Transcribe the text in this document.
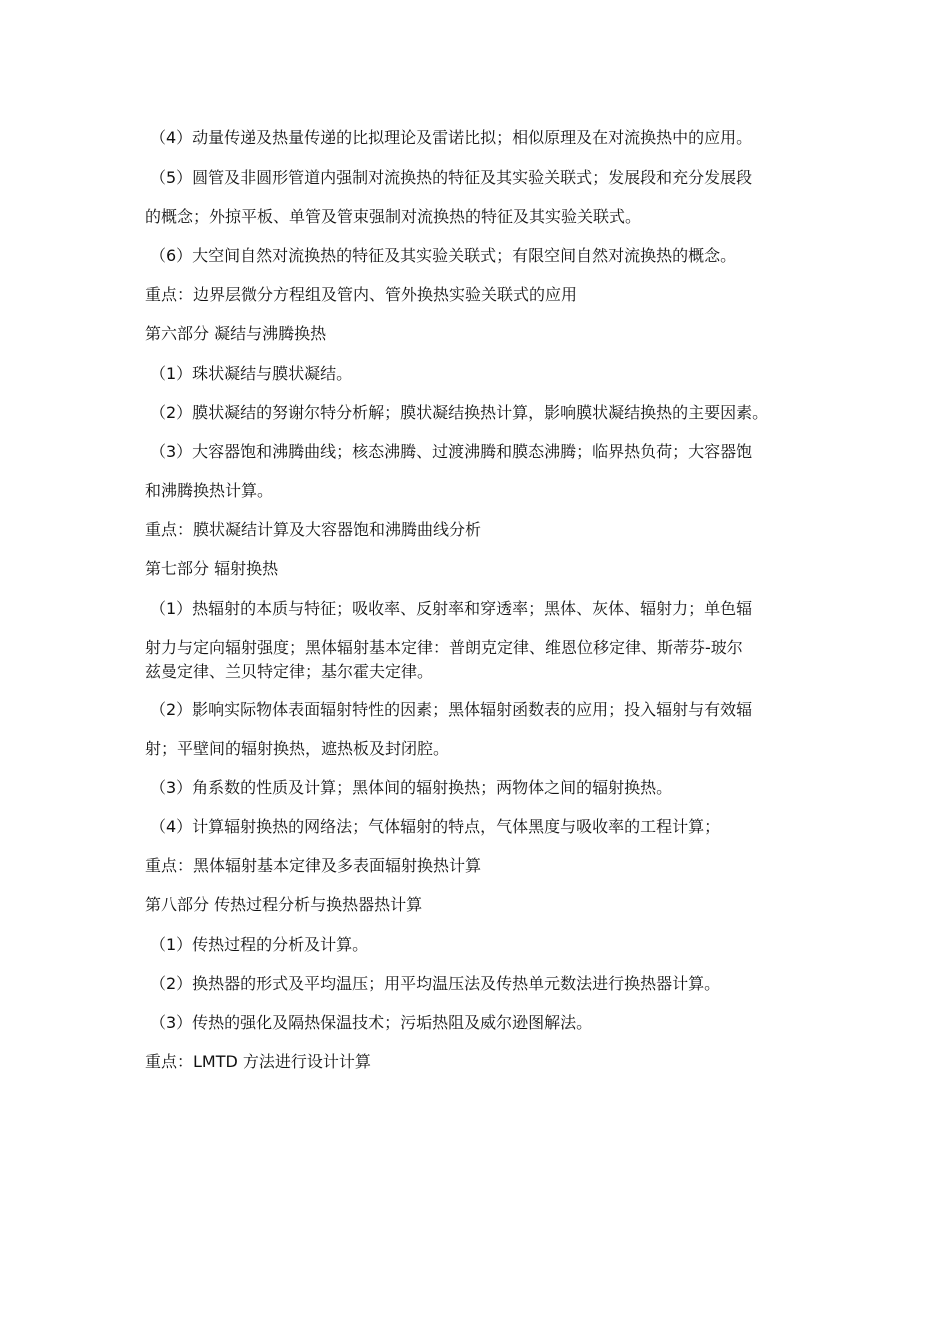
（4）动量传递及热量传递的比拟理论及雷诺比拟；相似原理及在对流换热中的应用。
（5）圆管及非圆形管道内强制对流换热的特征及其实验关联式；发展段和充分发展段
的概念；外掠平板、单管及管束强制对流换热的特征及其实验关联式。
（6）大空间自然对流换热的特征及其实验关联式；有限空间自然对流换热的概念。
重点：边界层微分方程组及管内、管外换热实验关联式的应用
第六部分 凝结与沸腾换热
（1）珠状凝结与膜状凝结。
（2）膜状凝结的努谢尔特分析解；膜状凝结换热计算，影响膜状凝结换热的主要因素。
（3）大容器饱和沸腾曲线；核态沸腾、过渡沸腾和膜态沸腾；临界热负荷；大容器饱
和沸腾换热计算。
重点：膜状凝结计算及大容器饱和沸腾曲线分析
第七部分 辐射换热
（1）热辐射的本质与特征；吸收率、反射率和穿透率；黑体、灰体、辐射力；单色辐
射力与定向辐射强度；黑体辐射基本定律：普朗克定律、维恩位移定律、斯蒂芬-玻尔
兹曼定律、兰贝特定律；基尔霍夫定律。
（2）影响实际物体表面辐射特性的因素；黑体辐射函数表的应用；投入辐射与有效辐
射；平壁间的辐射换热，遮热板及封闭腔。
（3）角系数的性质及计算；黑体间的辐射换热；两物体之间的辐射换热。
（4）计算辐射换热的网络法；气体辐射的特点，气体黑度与吸收率的工程计算；
重点：黑体辐射基本定律及多表面辐射换热计算
第八部分 传热过程分析与换热器热计算
（1）传热过程的分析及计算。
（2）换热器的形式及平均温压；用平均温压法及传热单元数法进行换热器计算。
（3）传热的强化及隔热保温技术；污垢热阻及威尔逊图解法。
重点：LMTD 方法进行设计计算
